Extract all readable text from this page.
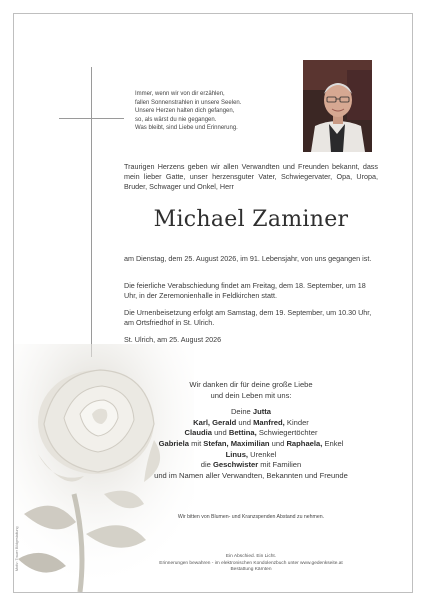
Immer, wenn wir von dir erzählen,
fallen Sonnenstrahlen in unsere Seelen.
Unsere Herzen halten dich gefangen,
so, als wärst du nie gegangen.
Was bleibt, sind Liebe und Erinnerung.
Traurigen Herzens geben wir allen Verwandten und Freunden bekannt, dass mein lieber Gatte, unser herzensguter Vater, Schwiegervater, Opa, Uropa, Bruder, Schwager und Onkel, Herr
Michael Zaminer
am Dienstag, dem 25. August 2026, im 91. Lebensjahr, von uns gegangen ist.
Die feierliche Verabschiedung findet am Freitag, dem 18. September, um 18 Uhr, in der Zeremonienhalle in Feldkirchen statt.
Die Urnenbeisetzung erfolgt am Samstag, dem 19. September, um 10.30 Uhr, am Ortsfriedhof in St. Ulrich.
St. Ulrich, am 25. August 2026
Wir danken dir für deine große Liebe
und dein Leben mit uns:
Deine Jutta
Karl, Gerald und Manfred, Kinder
Claudia und Bettina, Schwiegertöchter
Gabriela mit Stefan, Maximilian und Raphaela, Enkel
Linus, Urenkel
die Geschwister mit Familien
und im Namen aller Verwandten, Bekannten und Freunde
Wir bitten von Blumen- und Kranzspenden Abstand zu nehmen.
Ein Abschied. Ein Licht.
Erinnerungen bewahren - im elektronischen Kondolenzbuch unter www.gedenkseite.at
Bestattung Kärnten
Motiv: Trauer Bildgestaltung
